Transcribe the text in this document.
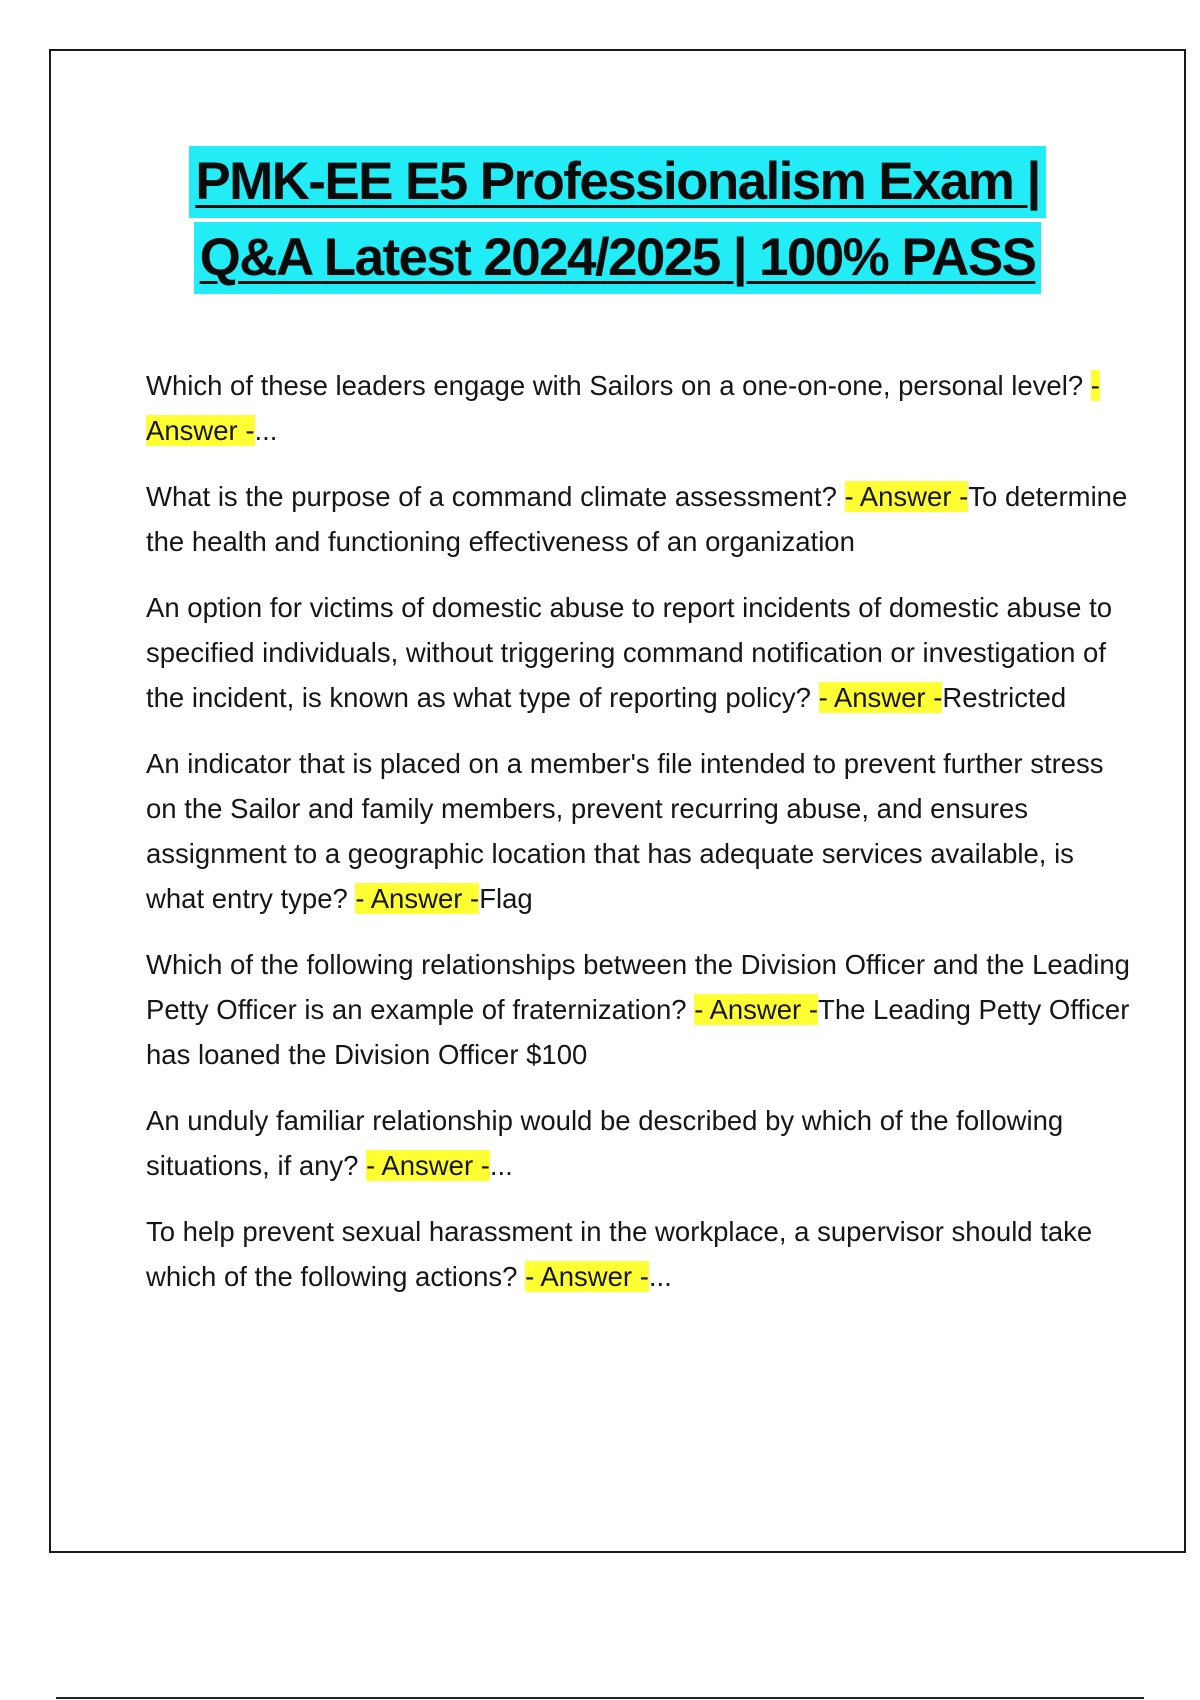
PMK-EE E5 Professionalism Exam |
Q&A Latest 2024/2025 | 100% PASS

Which of these leaders engage with Sailors on a one-on-one, personal level? - Answer -...

What is the purpose of a command climate assessment? - Answer -To determine the health and functioning effectiveness of an organization

An option for victims of domestic abuse to report incidents of domestic abuse to specified individuals, without triggering command notification or investigation of the incident, is known as what type of reporting policy? - Answer -Restricted

An indicator that is placed on a member's file intended to prevent further stress on the Sailor and family members, prevent recurring abuse, and ensures assignment to a geographic location that has adequate services available, is what entry type? - Answer -Flag

Which of the following relationships between the Division Officer and the Leading Petty Officer is an example of fraternization? - Answer -The Leading Petty Officer has loaned the Division Officer $100

An unduly familiar relationship would be described by which of the following situations, if any? - Answer -...

To help prevent sexual harassment in the workplace, a supervisor should take which of the following actions? - Answer -...
